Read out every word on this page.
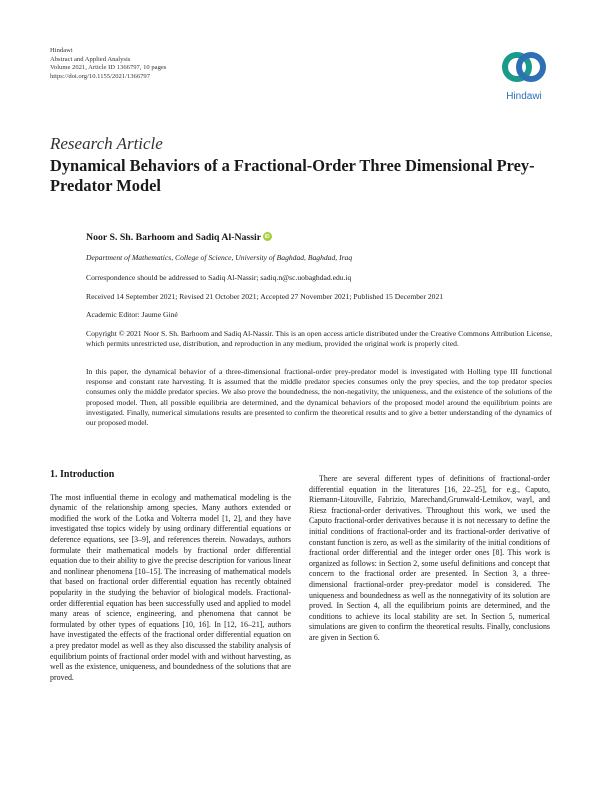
Hindawi
Abstract and Applied Analysis
Volume 2021, Article ID 1366797, 10 pages
https://doi.org/10.1155/2021/1366797
Hindawi
Research Article
Dynamical Behaviors of a Fractional-Order Three Dimensional Prey-Predator Model
Noor S. Sh. Barhoom and Sadiq Al-NassiriD
Department of Mathematics, College of Science, University of Baghdad, Baghdad, Iraq
Correspondence should be addressed to Sadiq Al-Nassir; sadiq.n@sc.uobaghdad.edu.iq
Received 14 September 2021; Revised 21 October 2021; Accepted 27 November 2021; Published 15 December 2021
Academic Editor: Jaume Giné
Copyright © 2021 Noor S. Sh. Barhoom and Sadiq Al-Nassir. This is an open access article distributed under the Creative Commons Attribution License, which permits unrestricted use, distribution, and reproduction in any medium, provided the original work is properly cited.
In this paper, the dynamical behavior of a three-dimensional fractional-order prey-predator model is investigated with Holling type III functional response and constant rate harvesting. It is assumed that the middle predator species consumes only the prey species, and the top predator species consumes only the middle predator species. We also prove the boundedness, the non-negativity, the uniqueness, and the existence of the solutions of the proposed model. Then, all possible equilibria are determined, and the dynamical behaviors of the proposed model around the equilibrium points are investigated. Finally, numerical simulations results are presented to confirm the theoretical results and to give a better understanding of the dynamics of our proposed model.
1. Introduction

The most influential theme in ecology and mathematical modeling is the dynamic of the relationship among species. Many authors extended or modified the work of the Lotka and Volterra model [1, 2], and they have investigated thse topics widely by using ordinary differential equations or deference equations, see [3–9], and references therein. Nowadays, authors formulate their mathematical models by fractional order differential equation due to their ability to give the precise description for various linear and nonlinear phenomena [10–15]. The increasing of mathematical models that based on fractional order differential equation has recently obtained popularity in the studying the behavior of biological models. Fractional-order differential equation has been successfully used and applied to model many areas of science, engineering, and phenomena that cannot be formulated by other types of equations [10, 16]. In [12, 16–21], authors have investigated the effects of the fractional order differential equation on a prey predator model as well as they also discussed the stability analysis of equilibrium points of fractional order model with and without harvesting, as well as the existence, uniqueness, and boundedness of the solutions that are proved.

There are several different types of definitions of fractional-order differential equation in the literatures [16, 22–25], for e.g., Caputo, Riemann-Litouville, Fabrizio, Marechand,Grunwald-Letnikov, wayl, and Riesz fractional-order derivatives. Throughout this work, we used the Caputo fractional-order derivatives because it is not necessary to define the initial conditions of fractional-order and its fractional-order derivative of constant function is zero, as well as the similarity of the initial conditions of fractional order differential and the integer order ones [8]. This work is organized as follows: in Section 2, some useful definitions and concept that concern to the fractional order are presented. In Section 3, a three-dimensional fractional-order prey-predator model is considered. The uniqueness and boundedness as well as the nonnegativity of its solution are proved. In Section 4, all the equilibrium points are determined, and the conditions to achieve its local stability are set. In Section 5, numerical simulations are given to confirm the theoretical results. Finally, conclusions are given in Section 6.
